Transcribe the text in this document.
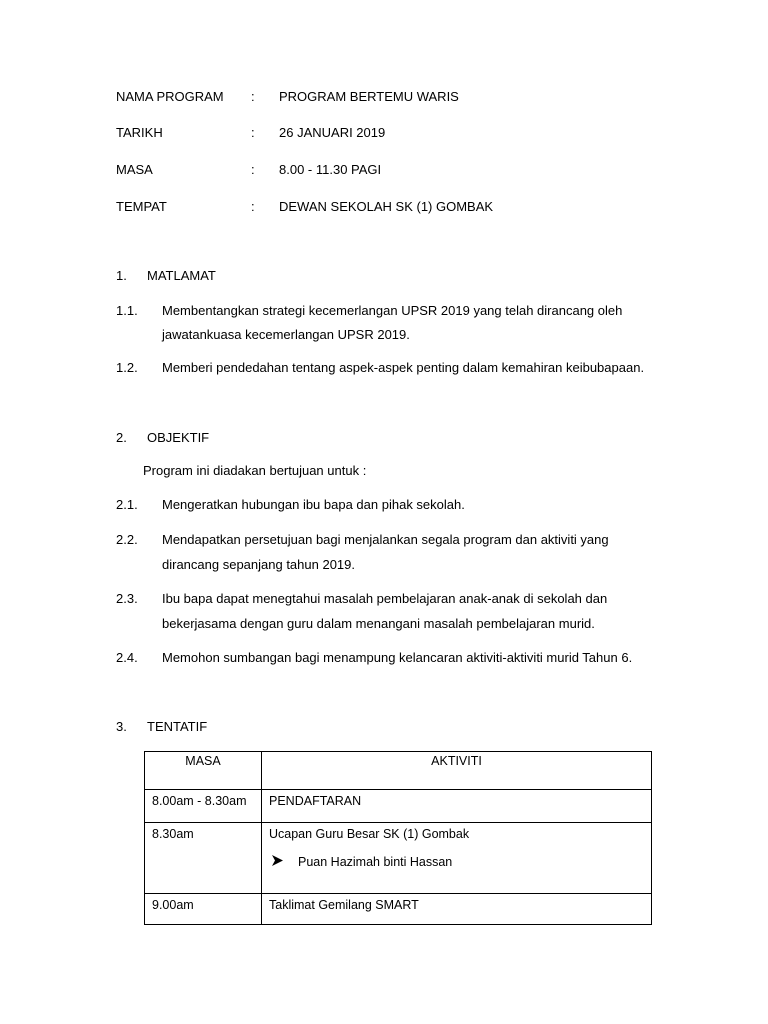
NAMA PROGRAM : PROGRAM BERTEMU WARIS
TARIKH	: 26 JANUARI 2019
MASA	: 8.00 - 11.30 PAGI
TEMPAT	: DEWAN SEKOLAH SK (1) GOMBAK
1. MATLAMAT
1.1. Membentangkan strategi kecemerlangan UPSR 2019 yang telah dirancang oleh
jawatankuasa kecemerlangan UPSR 2019.
1.2. Memberi pendedahan tentang aspek-aspek penting dalam kemahiran keibubapaan.
2. OBJEKTIF
Program ini diadakan bertujuan untuk :
2.1. Mengeratkan hubungan ibu bapa dan pihak sekolah.
2.2. Mendapatkan persetujuan bagi menjalankan segala program dan aktiviti yang
dirancang sepanjang tahun 2019.
2.3. Ibu bapa dapat menegtahui masalah pembelajaran anak-anak di sekolah dan
bekerjasama dengan guru dalam menangani masalah pembelajaran murid.
2.4. Memohon sumbangan bagi menampung kelancaran aktiviti-aktiviti murid Tahun 6.
3. TENTATIF
MASA	AKTIVITI

8.00am - 8.30am	PENDAFTARAN

8.30am	Ucapan Guru Besar SK (1) Gombak
Puan Hazimah binti Hassan

9.00am	Taklimat Gemilang SMART
